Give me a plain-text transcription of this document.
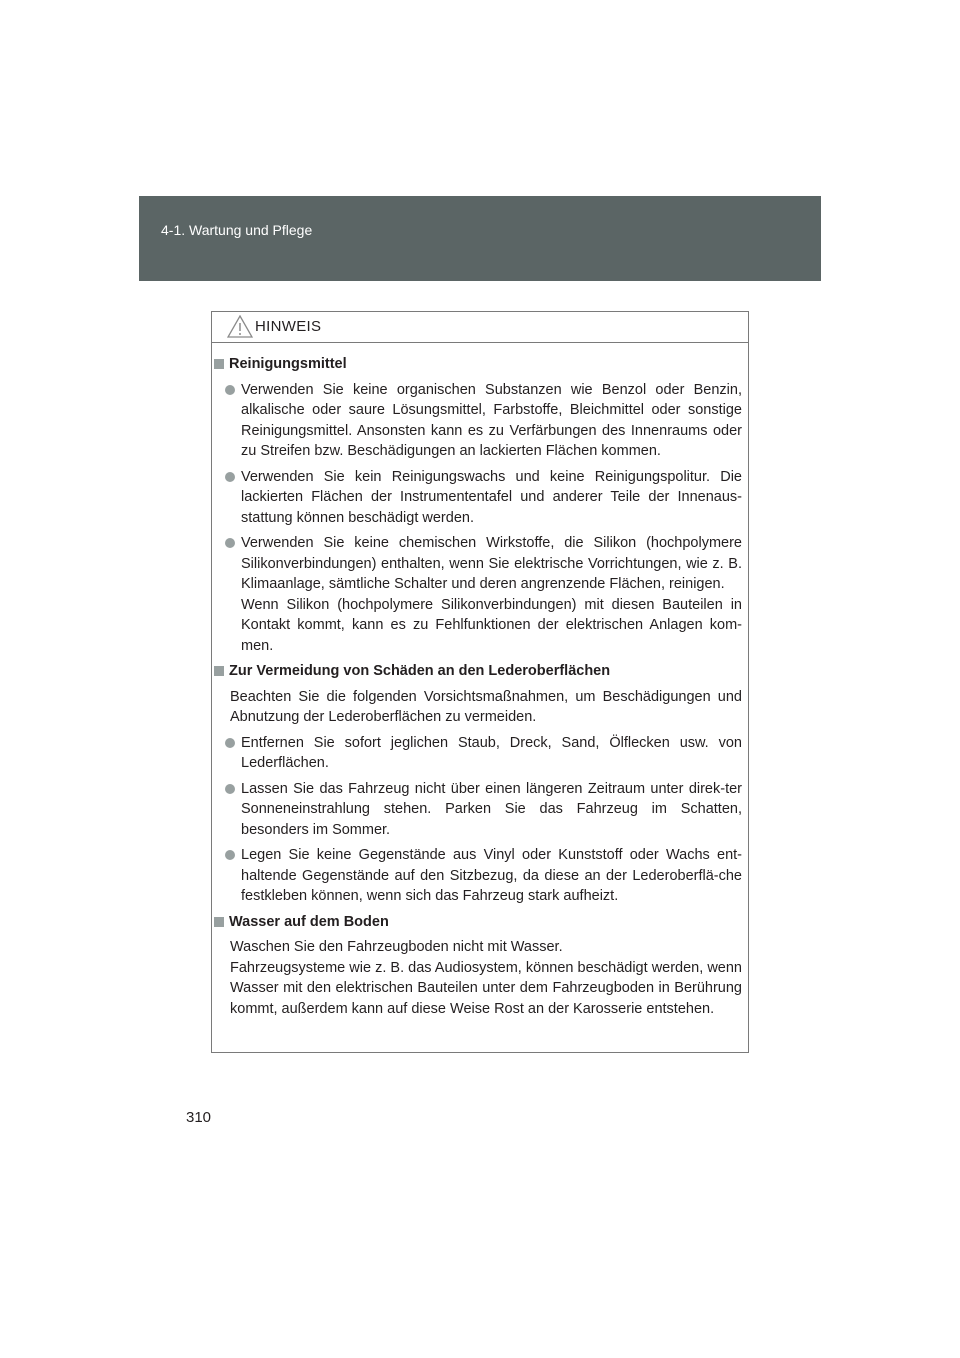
4-1. Wartung und Pflege
HINWEIS
Reinigungsmittel
Verwenden Sie keine organischen Substanzen wie Benzol oder Benzin, alkalische oder saure Lösungsmittel, Farbstoffe, Bleichmittel oder sonstige Reinigungsmittel. Ansonsten kann es zu Verfärbungen des Innenraums oder zu Streifen bzw. Beschädigungen an lackierten Flächen kommen.
Verwenden Sie kein Reinigungswachs und keine Reinigungspolitur. Die lackierten Flächen der Instrumententafel und anderer Teile der Innenaus-stattung können beschädigt werden.
Verwenden Sie keine chemischen Wirkstoffe, die Silikon (hochpolymere Silikonverbindungen) enthalten, wenn Sie elektrische Vorrichtungen, wie z. B. Klimaanlage, sämtliche Schalter und deren angrenzende Flächen, reinigen.
Wenn Silikon (hochpolymere Silikonverbindungen) mit diesen Bauteilen in Kontakt kommt, kann es zu Fehlfunktionen der elektrischen Anlagen kom-men.
Zur Vermeidung von Schäden an den Lederoberflächen
Beachten Sie die folgenden Vorsichtsmaßnahmen, um Beschädigungen und Abnutzung der Lederoberflächen zu vermeiden.
Entfernen Sie sofort jeglichen Staub, Dreck, Sand, Ölflecken usw. von Lederflächen.
Lassen Sie das Fahrzeug nicht über einen längeren Zeitraum unter direk-ter Sonneneinstrahlung stehen. Parken Sie das Fahrzeug im Schatten, besonders im Sommer.
Legen Sie keine Gegenstände aus Vinyl oder Kunststoff oder Wachs ent-haltende Gegenstände auf den Sitzbezug, da diese an der Lederoberflä-che festkleben können, wenn sich das Fahrzeug stark aufheizt.
Wasser auf dem Boden
Waschen Sie den Fahrzeugboden nicht mit Wasser.
Fahrzeugsysteme wie z. B. das Audiosystem, können beschädigt werden, wenn Wasser mit den elektrischen Bauteilen unter dem Fahrzeugboden in Berührung kommt, außerdem kann auf diese Weise Rost an der Karosserie entstehen.
310
